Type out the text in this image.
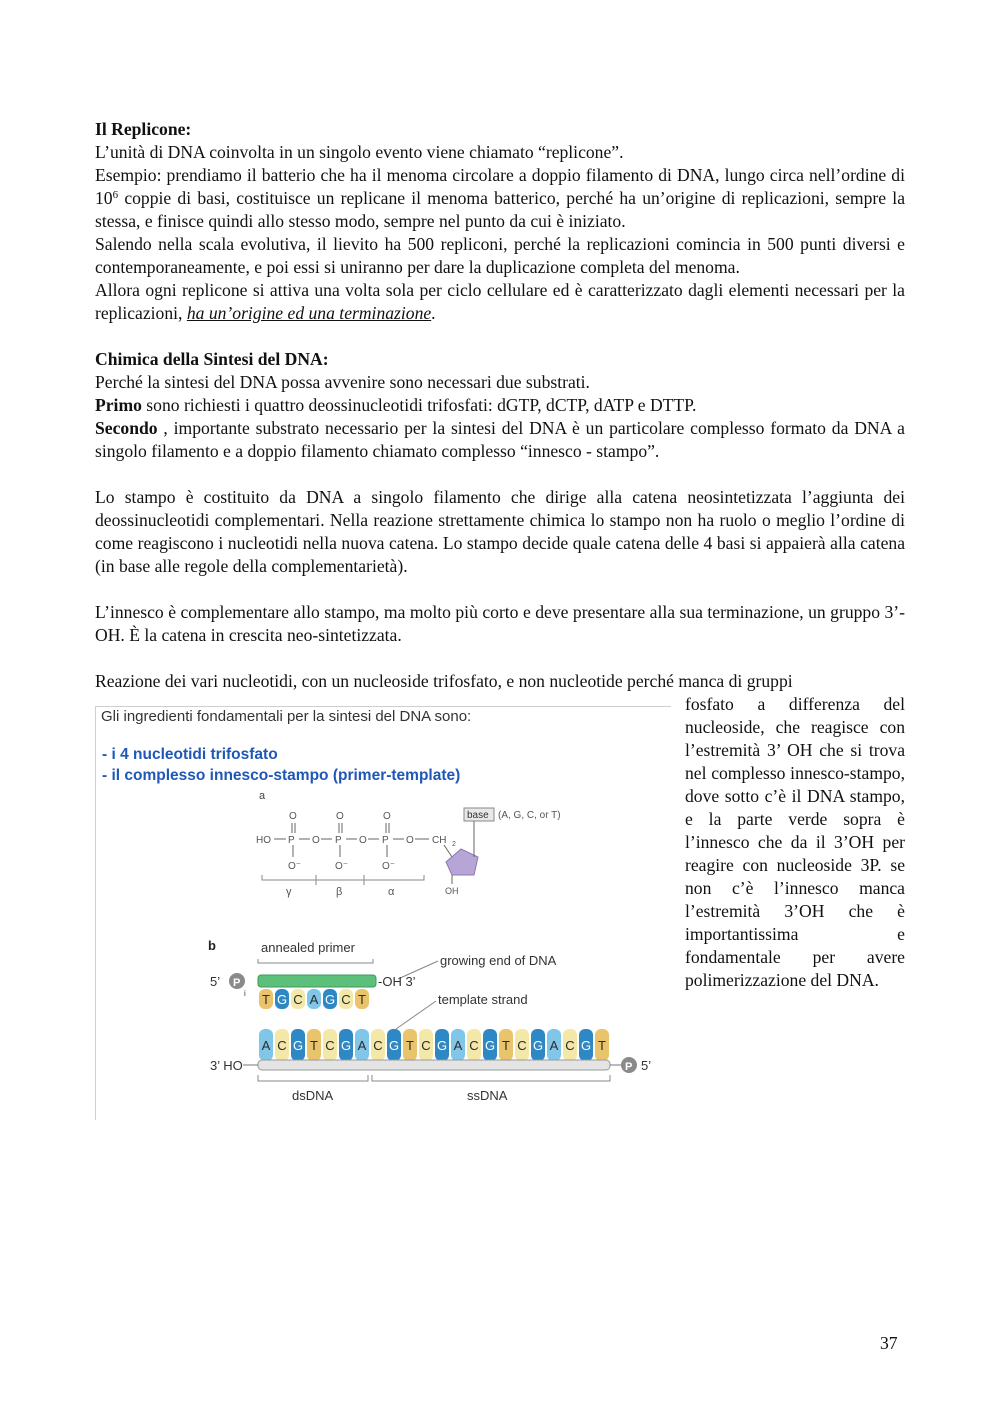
Il Replicone:

L’unità di DNA coinvolta in un singolo evento viene chiamato “replicone”.

Esempio: prendiamo il batterio che ha il menoma circolare a doppio filamento di DNA, lungo circa nell’ordine di $10^6$ coppie di basi, costituisce un replicane il menoma batterico, perché ha un’origine di replicazioni, sempre la stessa, e finisce quindi allo stesso modo, sempre nel punto da cui è iniziato.

Salendo nella scala evolutiva, il lievito ha 500 repliconi, perché la replicazioni comincia in 500 punti diversi e contemporaneamente, e poi essi si uniranno per dare la duplicazione completa del menoma.

Allora ogni replicone si attiva una volta sola per ciclo cellulare ed è caratterizzato dagli elementi necessari per la replicazioni, ha un’origine ed una terminazione.

Chimica della Sintesi del DNA:

Perché la sintesi del DNA possa avvenire sono necessari due substrati.

Primo sono richiesti i quattro deossinucleotidi trifosfati: dGTP, dCTP, dATP e DTTP.

Secondo , importante substrato necessario per la sintesi del DNA è un particolare complesso formato da DNA a singolo filamento e a doppio filamento chiamato complesso “innesco - stampo”.

Lo stampo è costituito da DNA a singolo filamento che dirige alla catena neosintetizzata l’aggiunta dei deossinucleotidi complementari. Nella reazione strettamente chimica lo stampo non ha ruolo o meglio l’ordine di come reagiscono i nucleotidi nella nuova catena. Lo stampo decide quale catena delle 4 basi si appaierà alla catena (in base alle regole della complementarietà).

L’innesco è complementare allo stampo, ma molto più corto e deve presentare alla sua terminazione, un gruppo 3’-OH. È la catena in crescita neo-sintetizzata.

Reazione dei vari nucleotidi, con un nucleoside trifosfato, e non nucleotide perché manca di gruppi

Gli ingredienti fondamentali per la sintesi del DNA sono:
- i 4 nucleotidi trifosfato
- il complesso innesco-stampo (primer-template)
a
HO P
O
O⁻
O P
O
O⁻
O P
O
O⁻
O CH 2
base (A, G, C, or T)
OH
γ	β	α
b	annealed primer
growing end of DNA
5’ P
i
-OH 3’
T G C A G C T	template strand
A C G T C G A C G T C G A C G T C G A C G T
3’ HO	P 5’
dsDNA	ssDNA

fosfato a differenza del nucleoside, che reagisce con l’estremità 3’ OH che si trova nel complesso innesco-stampo, dove sotto c’è il DNA stampo, e la parte verde sopra è l’innesco che da il 3’OH per reagire con nucleoside 3P. se non c’è l’innesco manca l’estremità 3’OH che è importantissima e fondamentale per avere polimerizzazione del DNA.

37
